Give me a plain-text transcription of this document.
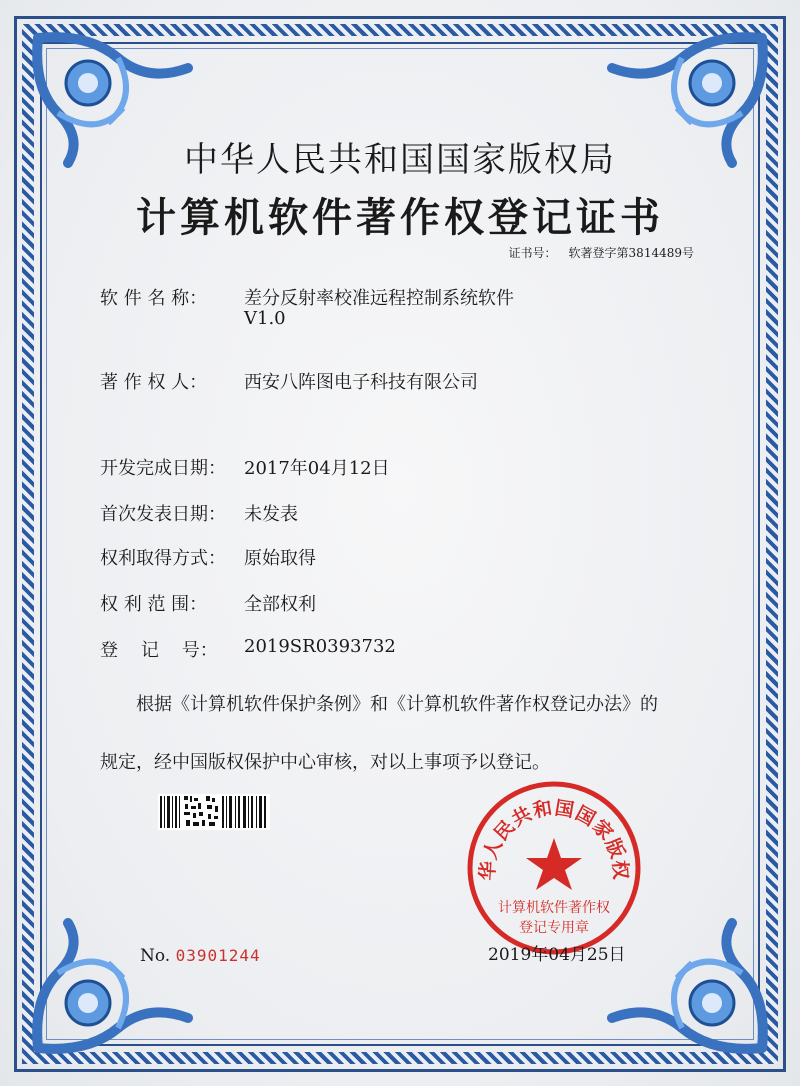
中华人民共和国国家版权局
计算机软件著作权登记证书
证书号： 软著登字第3814489号
软 件 名 称： 差分反射率校准远程控制系统软件
V1.0
著 作 权 人： 西安八阵图电子科技有限公司
开发完成日期： 2017年04月12日
首次发表日期： 未发表
权利取得方式： 原始取得
权 利 范 围： 全部权利
登    记    号： 2019SR0393732
根据《计算机软件保护条例》和《计算机软件著作权登记办法》的
规定，经中国版权保护中心审核，对以上事项予以登记。
No. 03901244
华人民共和国国家版权
计算机软件著作权
登记专用章
2019年04月25日
